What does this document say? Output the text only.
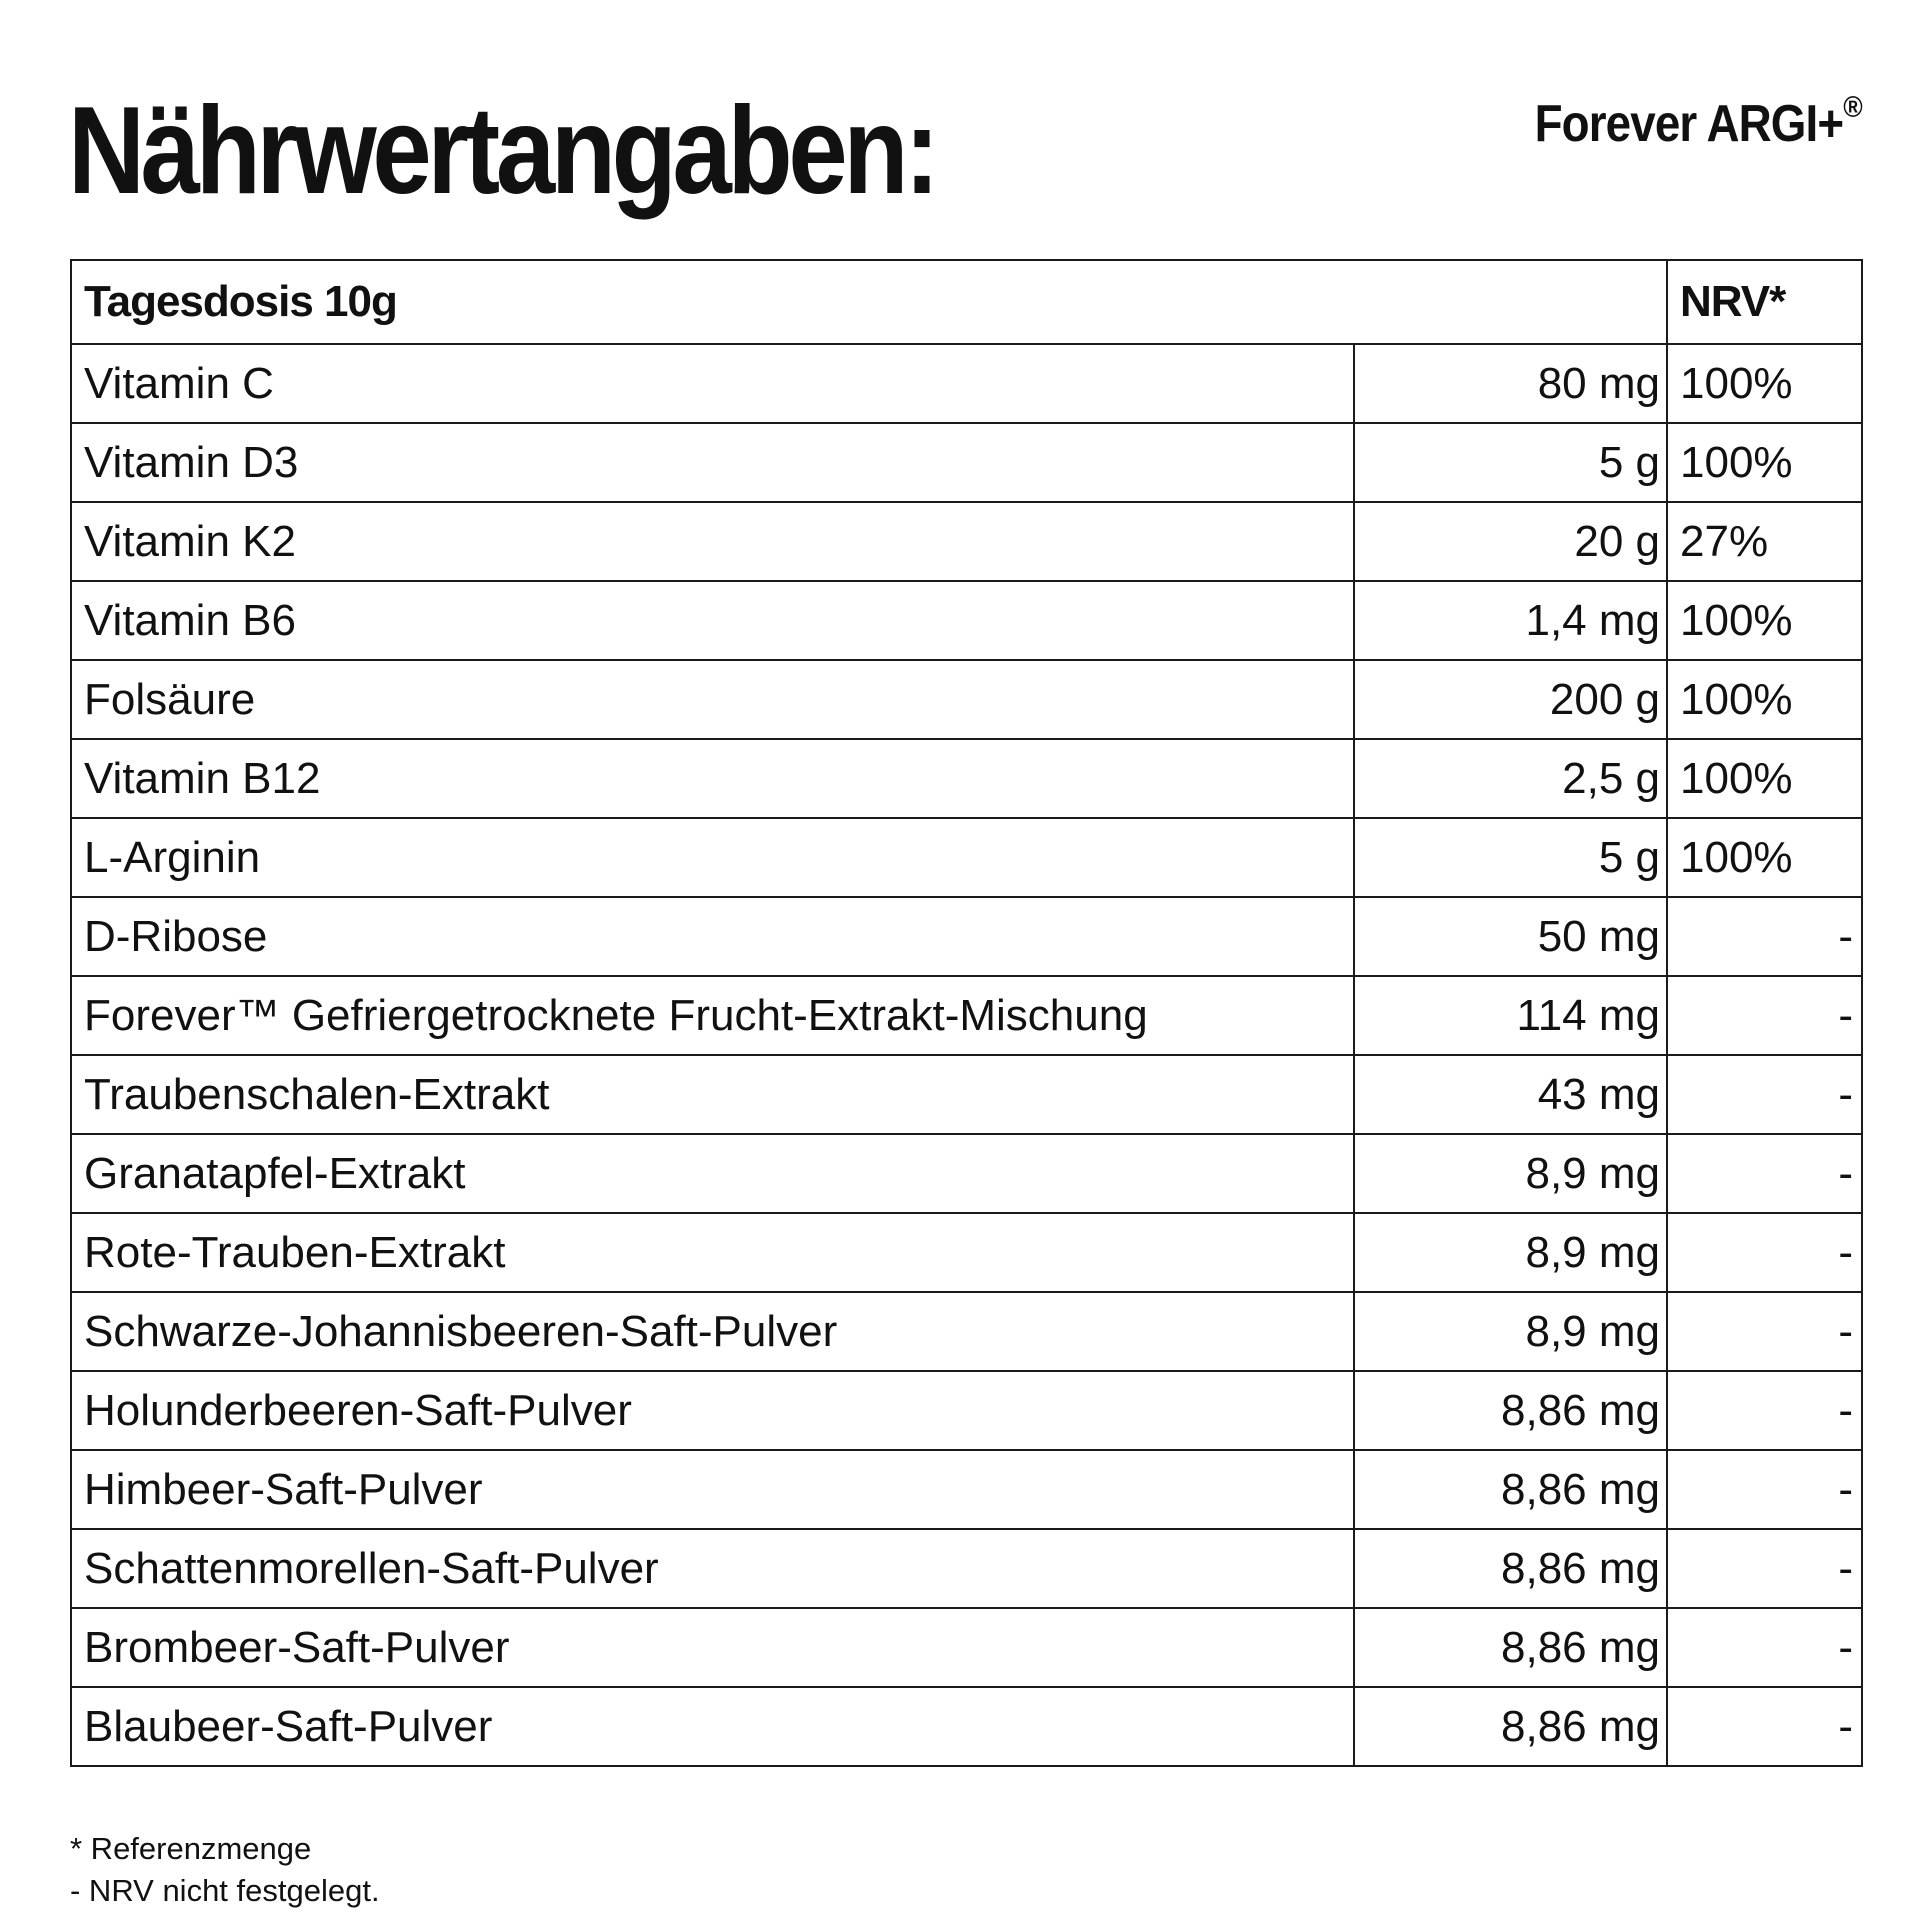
Nährwertangaben:	Forever ARGI+®
Tagesdosis 10g		NRV*
Vitamin C	80 mg	100%
Vitamin D3	5 g	100%
Vitamin K2	20 g	27%
Vitamin B6	1,4 mg	100%
Folsäure	200 g	100%
Vitamin B12	2,5 g	100%
L-Arginin	5 g	100%
D-Ribose	50 mg	-
Forever™ Gefriergetrocknete Frucht-Extrakt-Mischung	114 mg	-
Traubenschalen-Extrakt	43 mg	-
Granatapfel-Extrakt	8,9 mg	-
Rote-Trauben-Extrakt	8,9 mg	-
Schwarze-Johannisbeeren-Saft-Pulver	8,9 mg	-
Holunderbeeren-Saft-Pulver	8,86 mg	-
Himbeer-Saft-Pulver	8,86 mg	-
Schattenmorellen-Saft-Pulver	8,86 mg	-
Brombeer-Saft-Pulver	8,86 mg	-
Blaubeer-Saft-Pulver	8,86 mg	-
* Referenzmenge
- NRV nicht festgelegt.
